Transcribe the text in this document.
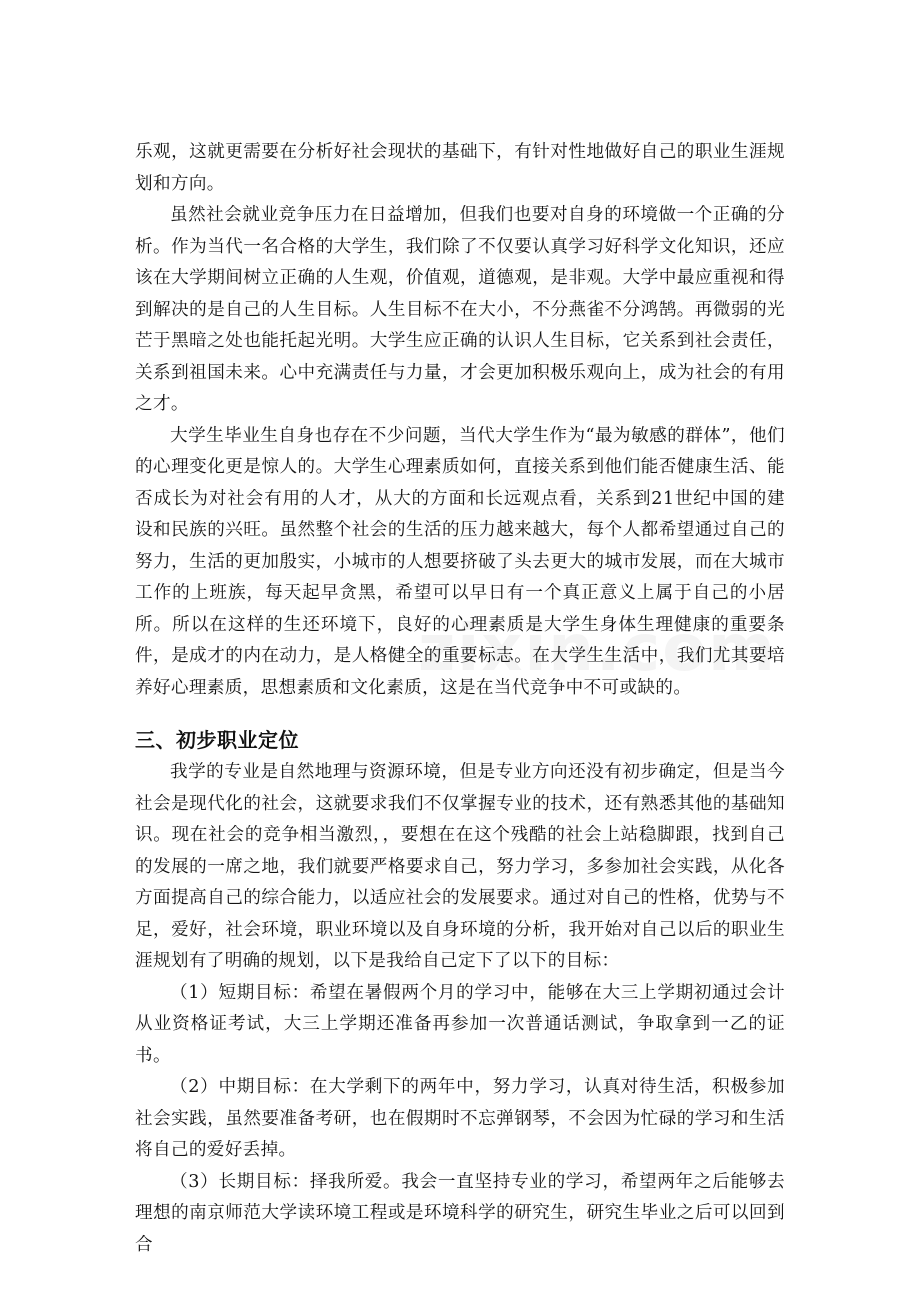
乐观，这就更需要在分析好社会现状的基础下，有针对性地做好自己的职业生涯规划和方向。

虽然社会就业竞争压力在日益增加，但我们也要对自身的环境做一个正确的分析。作为当代一名合格的大学生，我们除了不仅要认真学习好科学文化知识，还应该在大学期间树立正确的人生观，价值观，道德观，是非观。大学中最应重视和得到解决的是自己的人生目标。人生目标不在大小，不分燕雀不分鸿鹄。再微弱的光芒于黑暗之处也能托起光明。大学生应正确的认识人生目标，它关系到社会责任，关系到祖国未来。心中充满责任与力量，才会更加积极乐观向上，成为社会的有用之才。

大学生毕业生自身也存在不少问题，当代大学生作为“最为敏感的群体”，他们的心理变化更是惊人的。大学生心理素质如何，直接关系到他们能否健康生活、能否成长为对社会有用的人才，从大的方面和长远观点看，关系到21世纪中国的建设和民族的兴旺。虽然整个社会的生活的压力越来越大，每个人都希望通过自己的努力，生活的更加殷实，小城市的人想要挤破了头去更大的城市发展，而在大城市工作的上班族，每天起早贪黑，希望可以早日有一个真正意义上属于自己的小居所。所以在这样的生还环境下，良好的心理素质是大学生身体生理健康的重要条件，是成才的内在动力，是人格健全的重要标志。在大学生生活中，我们尤其要培养好心理素质，思想素质和文化素质，这是在当代竞争中不可或缺的。

三、初步职业定位

我学的专业是自然地理与资源环境，但是专业方向还没有初步确定，但是当今社会是现代化的社会，这就要求我们不仅掌握专业的技术，还有熟悉其他的基础知识。现在社会的竞争相当激烈，，要想在在这个残酷的社会上站稳脚跟，找到自己的发展的一席之地，我们就要严格要求自己，努力学习，多参加社会实践，从化各方面提高自己的综合能力，以适应社会的发展要求。通过对自己的性格，优势与不足，爱好，社会环境，职业环境以及自身环境的分析，我开始对自己以后的职业生涯规划有了明确的规划，以下是我给自己定下了以下的目标：

（1）短期目标：希望在暑假两个月的学习中，能够在大三上学期初通过会计从业资格证考试，大三上学期还准备再参加一次普通话测试，争取拿到一乙的证书。

（2）中期目标：在大学剩下的两年中，努力学习，认真对待生活，积极参加社会实践，虽然要准备考研，也在假期时不忘弹钢琴，不会因为忙碌的学习和生活将自己的爱好丢掉。

（3）长期目标：择我所爱。我会一直坚持专业的学习，希望两年之后能够去理想的南京师范大学读环境工程或是环境科学的研究生，研究生毕业之后可以回到合
